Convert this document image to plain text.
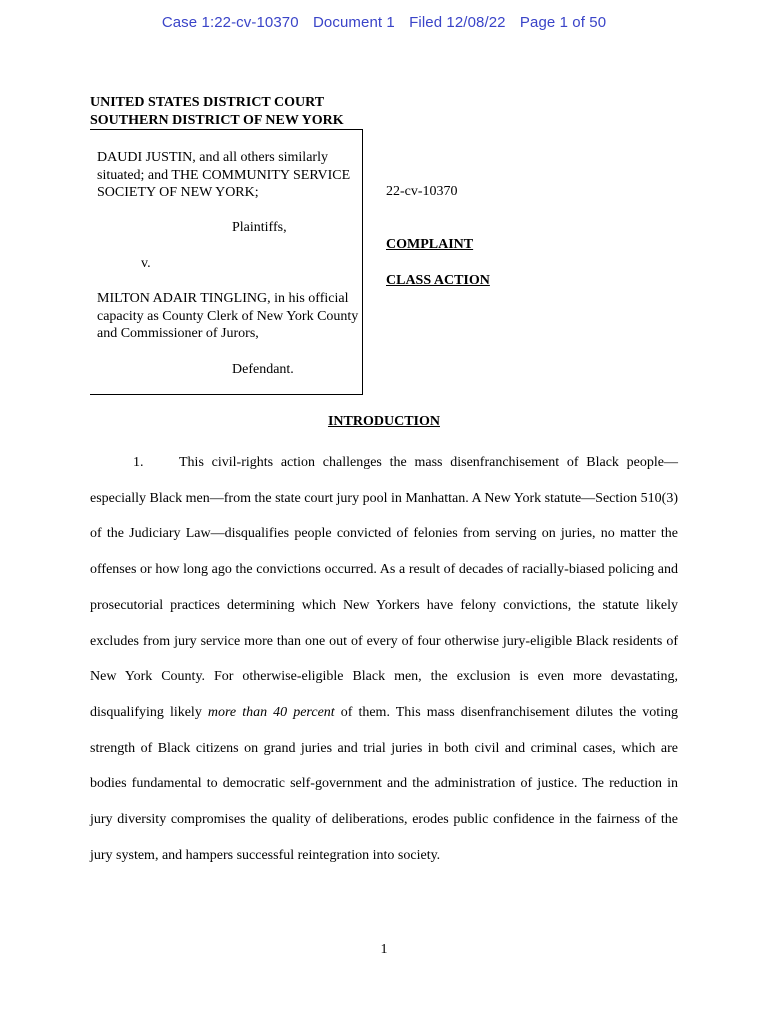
Case 1:22-cv-10370 Document 1 Filed 12/08/22 Page 1 of 50
UNITED STATES DISTRICT COURT
SOUTHERN DISTRICT OF NEW YORK
DAUDI JUSTIN, and all others similarly situated; and THE COMMUNITY SERVICE SOCIETY OF NEW YORK;
Plaintiffs,
v.
MILTON ADAIR TINGLING, in his official capacity as County Clerk of New York County and Commissioner of Jurors,
Defendant.
22-cv-10370
COMPLAINT
CLASS ACTION
INTRODUCTION
1.	This civil-rights action challenges the mass disenfranchisement of Black people—especially Black men—from the state court jury pool in Manhattan. A New York statute—Section 510(3) of the Judiciary Law—disqualifies people convicted of felonies from serving on juries, no matter the offenses or how long ago the convictions occurred. As a result of decades of racially-biased policing and prosecutorial practices determining which New Yorkers have felony convictions, the statute likely excludes from jury service more than one out of every of four otherwise jury-eligible Black residents of New York County. For otherwise-eligible Black men, the exclusion is even more devastating, disqualifying likely more than 40 percent of them. This mass disenfranchisement dilutes the voting strength of Black citizens on grand juries and trial juries in both civil and criminal cases, which are bodies fundamental to democratic self-government and the administration of justice. The reduction in jury diversity compromises the quality of deliberations, erodes public confidence in the fairness of the jury system, and hampers successful reintegration into society.
1
